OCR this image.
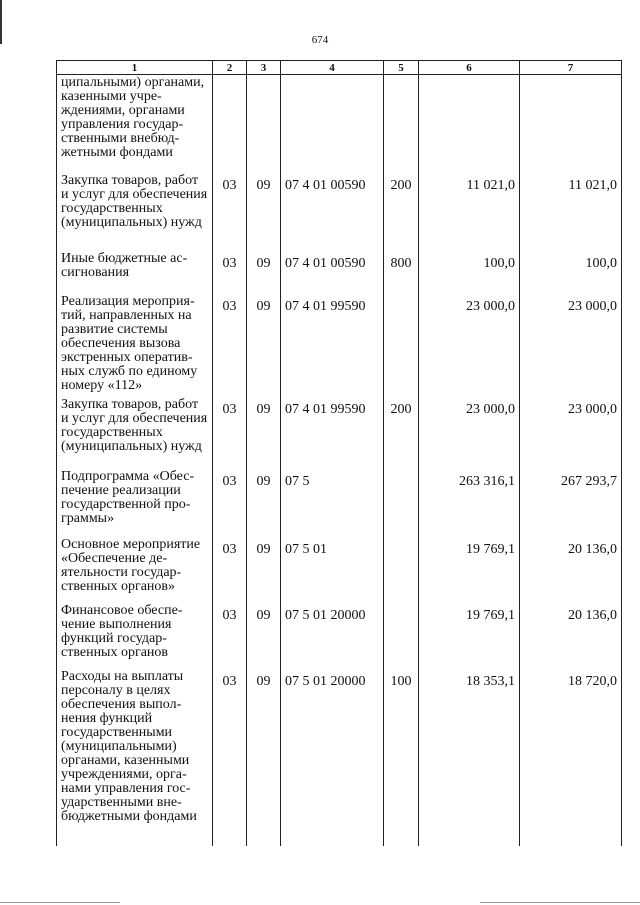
674
1	2	3	4	5	6	7
ципальными) органами, казенными учреждениями, органами управления государственными внебюджетными фондами						
Закупка товаров, работ и услуг для обеспечения государственных (муниципальных) нужд	03	09	07 4 01 00590	200	11 021,0	11 021,0
Иные бюджетные ассигнования	03	09	07 4 01 00590	800	100,0	100,0
Реализация мероприятий, направленных на развитие системы обеспечения вызова экстренных оперативных служб по единому номеру «112»	03	09	07 4 01 99590		23 000,0	23 000,0
Закупка товаров, работ и услуг для обеспечения государственных (муниципальных) нужд	03	09	07 4 01 99590	200	23 000,0	23 000,0
Подпрограмма «Обеспечение реализации государственной программы»	03	09	07 5		263 316,1	267 293,7
Основное мероприятие «Обеспечение деятельности государственных органов»	03	09	07 5 01		19 769,1	20 136,0
Финансовое обеспечение выполнения функций государственных органов	03	09	07 5 01 20000		19 769,1	20 136,0
Расходы на выплаты персоналу в целях обеспечения выполнения функций государственными (муниципальными) органами, казенными учреждениями, органами управления государственными внебюджетными фондами	03	09	07 5 01 20000	100	18 353,1	18 720,0
